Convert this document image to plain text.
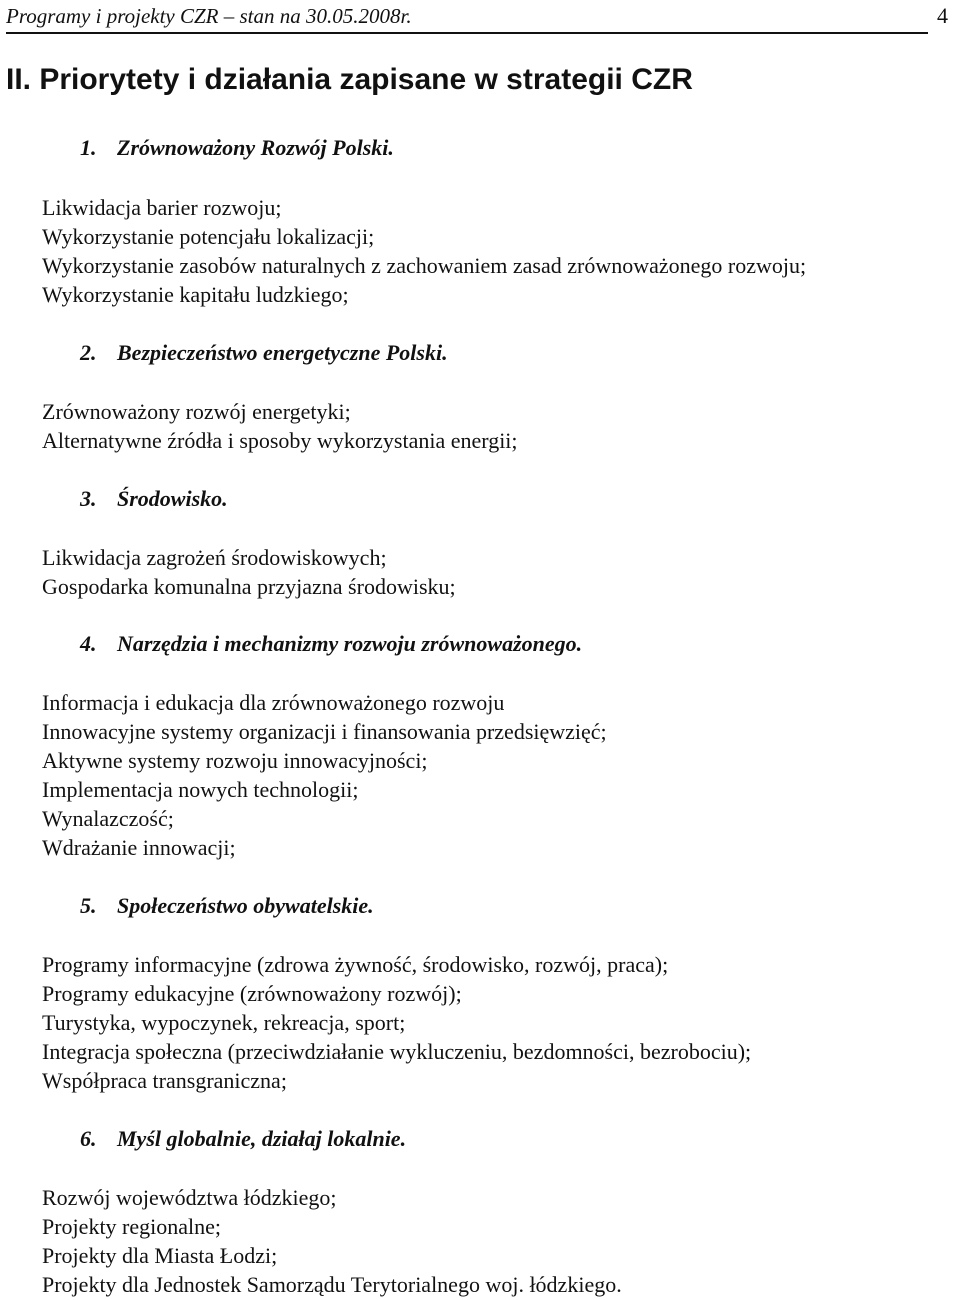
Programy i projekty CZR – stan na 30.05.2008r.	4
II. Priorytety i działania zapisane w strategii CZR
1. Zrównoważony Rozwój Polski.
Likwidacja barier rozwoju;
Wykorzystanie potencjału lokalizacji;
Wykorzystanie zasobów naturalnych z zachowaniem zasad zrównoważonego rozwoju;
Wykorzystanie kapitału ludzkiego;
2. Bezpieczeństwo energetyczne Polski.
Zrównoważony rozwój energetyki;
Alternatywne źródła i sposoby wykorzystania energii;
3. Środowisko.
Likwidacja zagrożeń środowiskowych;
Gospodarka komunalna przyjazna środowisku;
4. Narzędzia i mechanizmy rozwoju zrównoważonego.
Informacja i edukacja dla zrównoważonego rozwoju
Innowacyjne systemy organizacji i finansowania przedsięwzięć;
Aktywne systemy rozwoju innowacyjności;
Implementacja nowych technologii;
Wynalazczość;
Wdrażanie innowacji;
5. Społeczeństwo obywatelskie.
Programy informacyjne (zdrowa żywność, środowisko, rozwój, praca);
Programy edukacyjne (zrównoważony rozwój);
Turystyka, wypoczynek, rekreacja, sport;
Integracja społeczna (przeciwdziałanie wykluczeniu, bezdomności, bezrobociu);
Współpraca transgraniczna;
6. Myśl globalnie, działaj lokalnie.
Rozwój województwa łódzkiego;
Projekty regionalne;
Projekty dla Miasta Łodzi;
Projekty dla Jednostek Samorządu Terytorialnego woj. łódzkiego.
